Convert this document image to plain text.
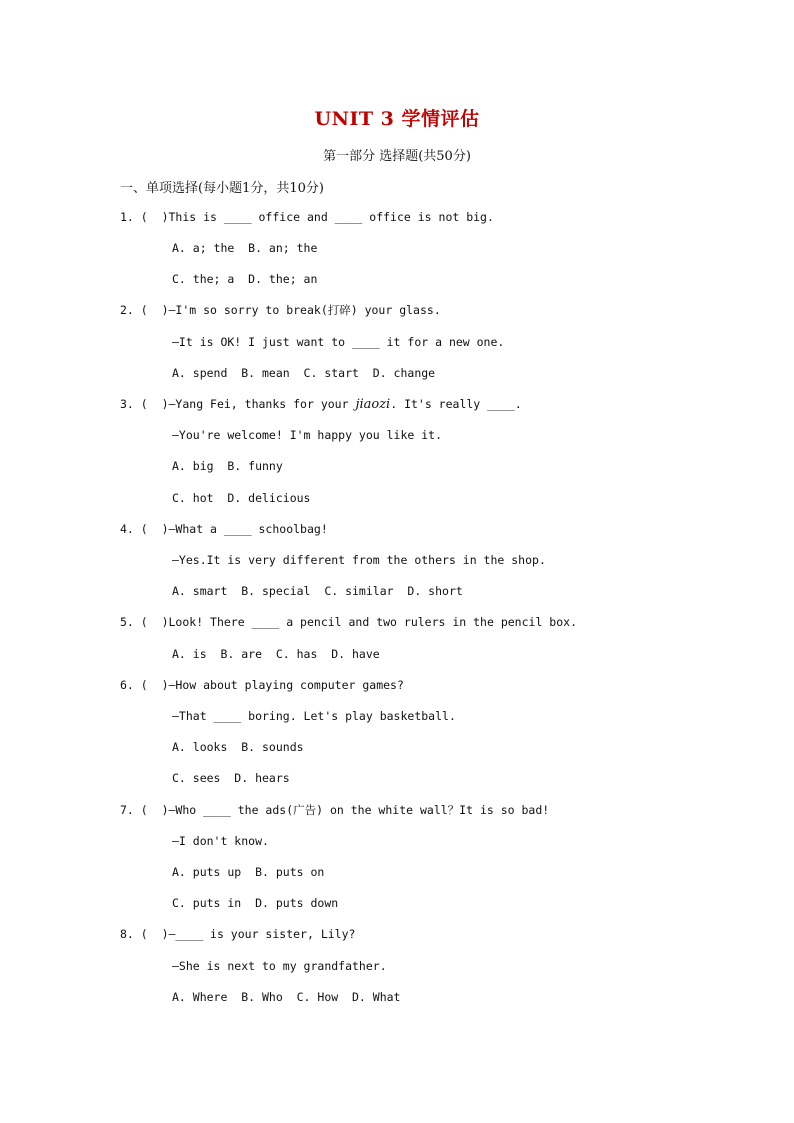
UNIT 3 学情评估
第一部分 选择题(共50分)
一、单项选择(每小题1分，共10分)
1. (  )This is ____ office and ____ office is not big.
A. a; the  B. an; the
C. the; a  D. the; an
2. (  )—I'm so sorry to break(打碎) your glass.
—It is OK! I just want to ____ it for a new one.
A. spend  B. mean  C. start  D. change
3. (  )—Yang Fei, thanks for your jiaozi. It's really ____.
—You're welcome! I'm happy you like it.
A. big  B. funny
C. hot  D. delicious
4. (  )—What a ____ schoolbag!
—Yes.It is very different from the others in the shop.
A. smart  B. special  C. similar  D. short
5. (  )Look! There ____ a pencil and two rulers in the pencil box.
A. is  B. are  C. has  D. have
6. (  )—How about playing computer games?
—That ____ boring. Let's play basketball.
A. looks  B. sounds
C. sees  D. hears
7. (  )—Who ____ the ads(广告) on the white wall？It is so bad!
—I don't know.
A. puts up  B. puts on
C. puts in  D. puts down
8. (  )—____ is your sister, Lily?
—She is next to my grandfather.
A. Where  B. Who  C. How  D. What
